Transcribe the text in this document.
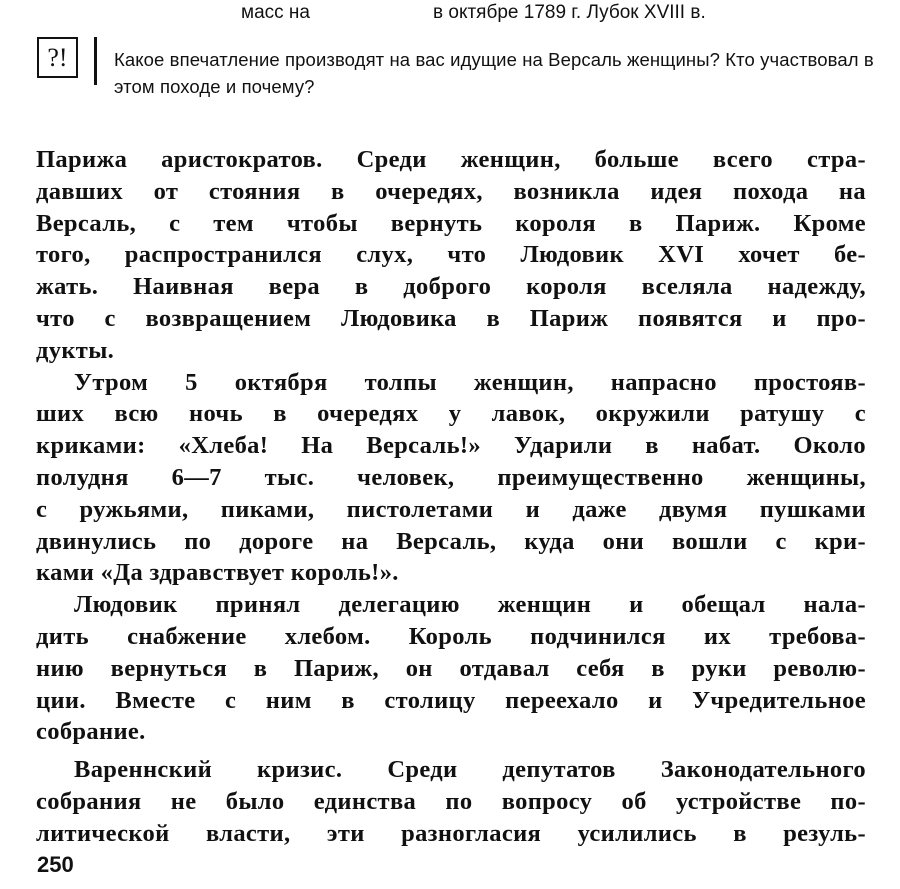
масс на	в октябре 1789 г. Лубок XVIII в.
?!	Какое впечатление производят на вас идущие на Версаль женщины? Кто участвовал в этом походе и почему?
Парижа аристократов. Среди женщин, больше всего стра-
давших от стояния в очередях, возникла идея похода на
Версаль, с тем чтобы вернуть короля в Париж. Кроме
того, распространился слух, что Людовик XVI хочет бе-
жать. Наивная вера в доброго короля вселяла надежду,
что с возвращением Людовика в Париж появятся и про-
дукты.
Утром 5 октября толпы женщин, напрасно простояв-
ших всю ночь в очередях у лавок, окружили ратушу с
криками: «Хлеба! На Версаль!» Ударили в набат. Около
полудня 6—7 тыс. человек, преимущественно женщины,
с ружьями, пиками, пистолетами и даже двумя пушками
двинулись по дороге на Версаль, куда они вошли с кри-
ками «Да здравствует король!».
Людовик принял делегацию женщин и обещал нала-
дить снабжение хлебом. Король подчинился их требова-
нию вернуться в Париж, он отдавал себя в руки револю-
ции. Вместе с ним в столицу переехало и Учредительное
собрание.
Вареннский кризис. Среди депутатов Законодательного
собрания не было единства по вопросу об устройстве по-
литической власти, эти разногласия усилились в резуль-
250
